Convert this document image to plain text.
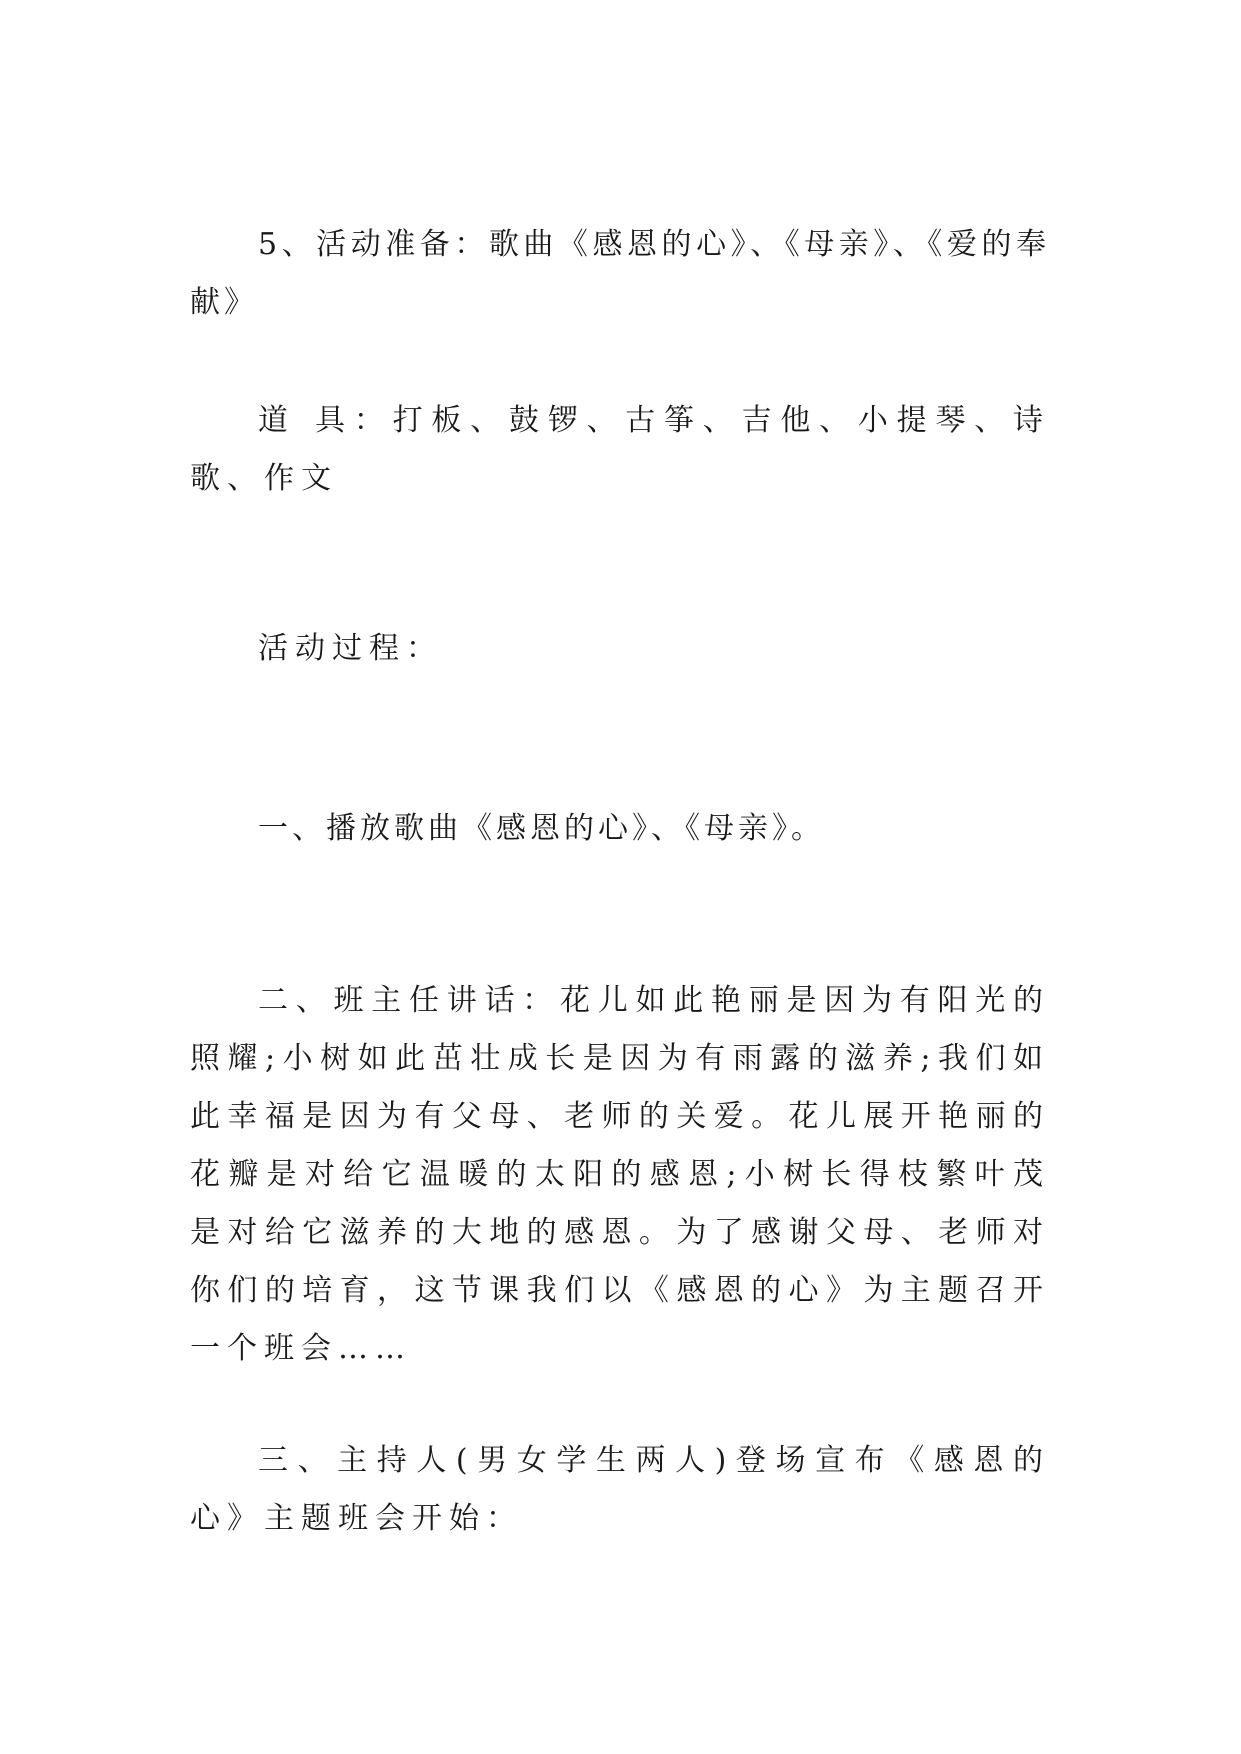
5、活动准备：歌曲《感恩的心》、《母亲》、《爱的奉献》

道 具：打板、鼓锣、古筝、吉他、小提琴、诗歌、作文

活动过程：

一、播放歌曲《感恩的心》、《母亲》。

二、班主任讲话：花儿如此艳丽是因为有阳光的照耀;小树如此茁壮成长是因为有雨露的滋养;我们如此幸福是因为有父母、老师的关爱。花儿展开艳丽的花瓣是对给它温暖的太阳的感恩;小树长得枝繁叶茂是对给它滋养的大地的感恩。为了感谢父母、老师对你们的培育，这节课我们以《感恩的心》为主题召开一个班会……

三、主持人(男女学生两人)登场宣布《感恩的心》主题班会开始：
